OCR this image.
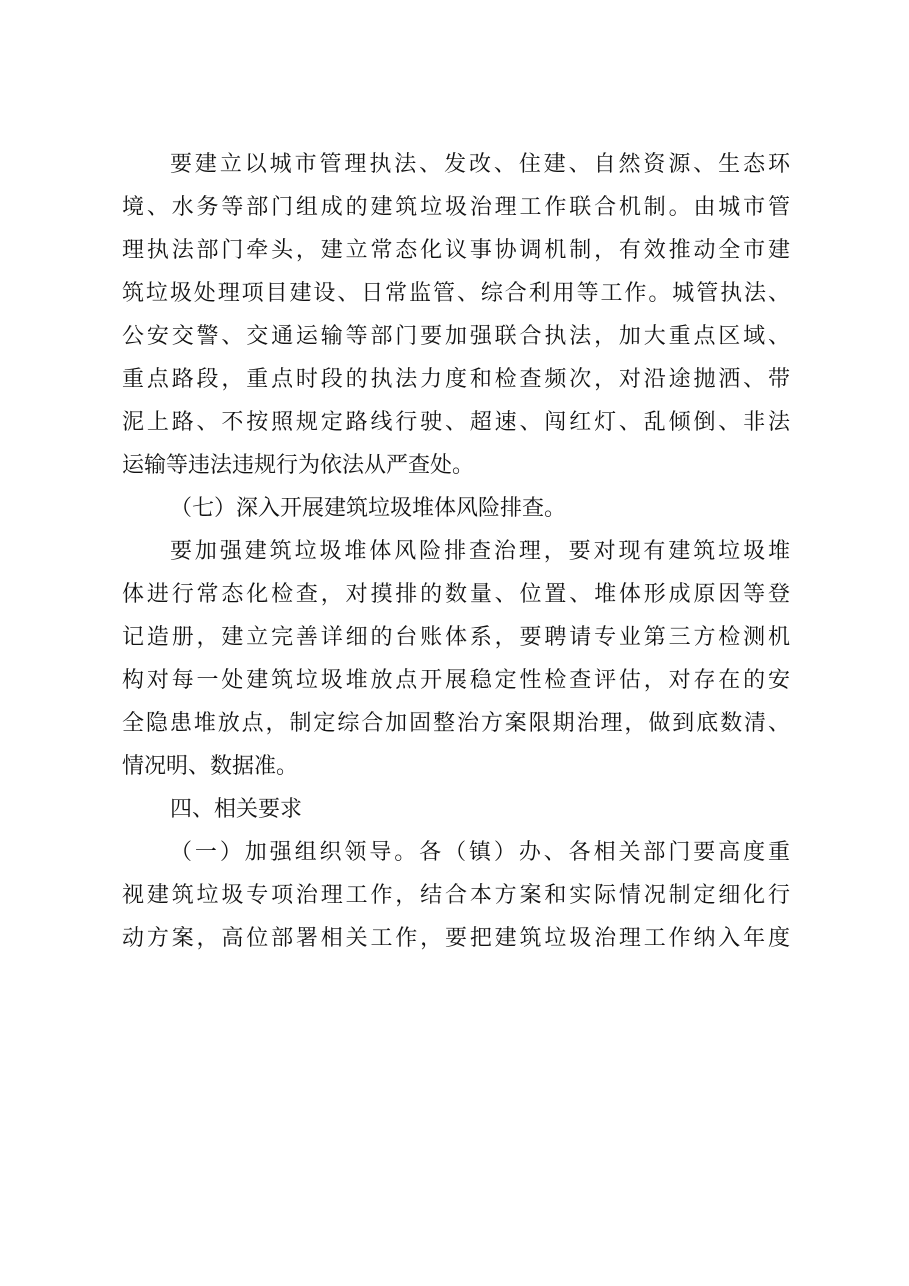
要建立以城市管理执法、发改、住建、自然资源、生态环
境、水务等部门组成的建筑垃圾治理工作联合机制。由城市管
理执法部门牵头，建立常态化议事协调机制，有效推动全市建
筑垃圾处理项目建设、日常监管、综合利用等工作。城管执法、
公安交警、交通运输等部门要加强联合执法，加大重点区域、
重点路段，重点时段的执法力度和检查频次，对沿途抛洒、带
泥上路、不按照规定路线行驶、超速、闯红灯、乱倾倒、非法
运输等违法违规行为依法从严查处。
（七）深入开展建筑垃圾堆体风险排查。
要加强建筑垃圾堆体风险排查治理，要对现有建筑垃圾堆
体进行常态化检查，对摸排的数量、位置、堆体形成原因等登
记造册，建立完善详细的台账体系，要聘请专业第三方检测机
构对每一处建筑垃圾堆放点开展稳定性检查评估，对存在的安
全隐患堆放点，制定综合加固整治方案限期治理，做到底数清、
情况明、数据准。
四、相关要求
（一）加强组织领导。各（镇）办、各相关部门要高度重
视建筑垃圾专项治理工作，结合本方案和实际情况制定细化行
动方案，高位部署相关工作，要把建筑垃圾治理工作纳入年度
